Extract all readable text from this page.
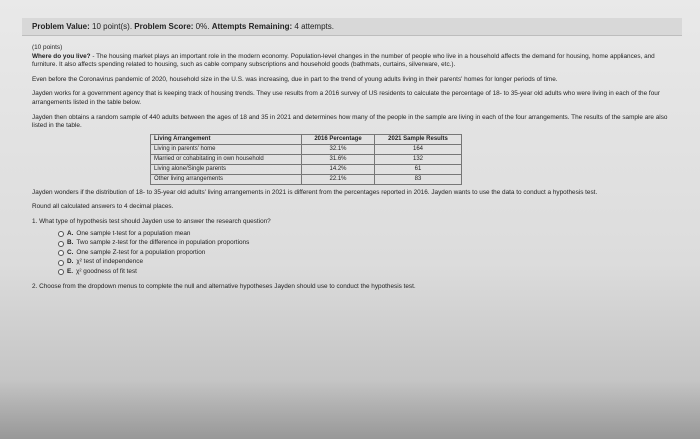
Problem Value: 10 point(s). Problem Score: 0%. Attempts Remaining: 4 attempts.

(10 points)

Where do you live? - The housing market plays an important role in the modern economy. Population-level changes in the number of people who live in a household affects the demand for housing, home appliances, and furniture. It also affects spending related to housing, such as cable company subscriptions and household goods (bathmats, curtains, silverware, etc.).

Even before the Coronavirus pandemic of 2020, household size in the U.S. was increasing, due in part to the trend of young adults living in their parents' homes for longer periods of time.

Jayden works for a government agency that is keeping track of housing trends. They use results from a 2016 survey of US residents to calculate the percentage of 18- to 35-year old adults who were living in each of the four arrangements listed in the table below.

Jayden then obtains a random sample of 440 adults between the ages of 18 and 35 in 2021 and determines how many of the people in the sample are living in each of the four arrangements. The results of the sample are also listed in the table.

Living Arrangement	2016 Percentage	2021 Sample Results
Living in parents' home	32.1%	164
Married or cohabitating in own household	31.6%	132
Living alone/Single parents	14.2%	61
Other living arrangements	22.1%	83

Jayden wonders if the distribution of 18- to 35-year old adults' living arrangements in 2021 is different from the percentages reported in 2016. Jayden wants to use the data to conduct a hypothesis test.

Round all calculated answers to 4 decimal places.

1. What type of hypothesis test should Jayden use to answer the research question?

A. One sample t-test for a population mean
B. Two sample z-test for the difference in population proportions
C. One sample Z-test for a population proportion
D. χ² test of independence
E. χ² goodness of fit test

2. Choose from the dropdown menus to complete the null and alternative hypotheses Jayden should use to conduct the hypothesis test.
